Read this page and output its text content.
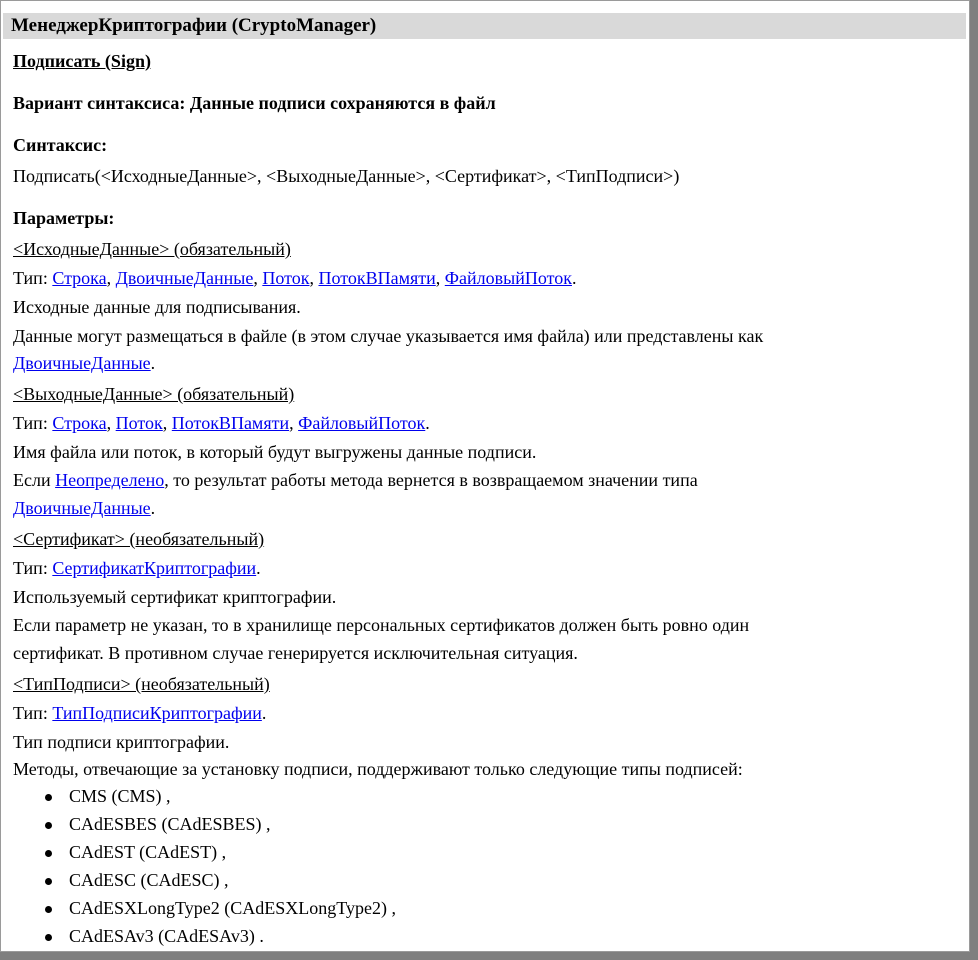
МенеджерКриптографии (CryptoManager)
Подписать (Sign)
Вариант синтаксиса: Данные подписи сохраняются в файл
Синтаксис:
Подписать(<ИсходныеДанные>, <ВыходныеДанные>, <Сертификат>, <ТипПодписи>)
Параметры:
<ИсходныеДанные> (обязательный)
Тип: Строка, ДвоичныеДанные, Поток, ПотокВПамяти, ФайловыйПоток.
Исходные данные для подписывания.
Данные могут размещаться в файле (в этом случае указывается имя файла) или представлены как
ДвоичныеДанные.
<ВыходныеДанные> (обязательный)
Тип: Строка, Поток, ПотокВПамяти, ФайловыйПоток.
Имя файла или поток, в который будут выгружены данные подписи.
Если Неопределено, то результат работы метода вернется в возвращаемом значении типа
ДвоичныеДанные.
<Сертификат> (необязательный)
Тип: СертификатКриптографии.
Используемый сертификат криптографии.
Если параметр не указан, то в хранилище персональных сертификатов должен быть ровно один
сертификат. В противном случае генерируется исключительная ситуация.
<ТипПодписи> (необязательный)
Тип: ТипПодписиКриптографии.
Тип подписи криптографии.
Методы, отвечающие за установку подписи, поддерживают только следующие типы подписей:
CMS (CMS) ,
CAdESBES (CAdESBES) ,
CAdEST (CAdEST) ,
CAdESC (CAdESC) ,
CAdESXLongType2 (CAdESXLongType2) ,
CAdESAv3 (CAdESAv3) .
